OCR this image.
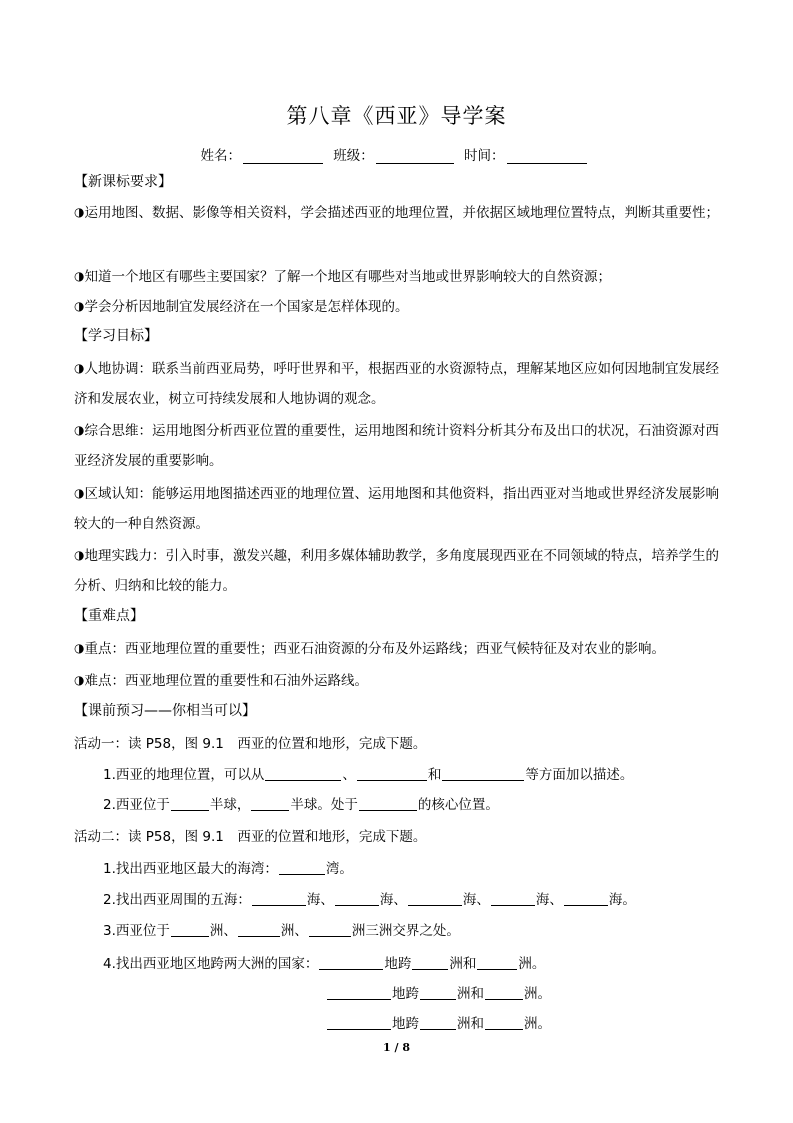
第八章《西亚》导学案
姓名：	班级：	时间：
【新课标要求】
◑运用地图、数据、影像等相关资料，学会描述西亚的地理位置，并依据区域地理位置特点，判断其重要性；
◑知道一个地区有哪些主要国家？了解一个地区有哪些对当地或世界影响较大的自然资源；
◑学会分析因地制宜发展经济在一个国家是怎样体现的。
【学习目标】
◑人地协调：联系当前西亚局势，呼吁世界和平，根据西亚的水资源特点，理解某地区应如何因地制宜发展经济和发展农业，树立可持续发展和人地协调的观念。
◑综合思维：运用地图分析西亚位置的重要性，运用地图和统计资料分析其分布及出口的状况，石油资源对西亚经济发展的重要影响。
◑区域认知：能够运用地图描述西亚的地理位置、运用地图和其他资料，指出西亚对当地或世界经济发展影响较大的一种自然资源。
◑地理实践力：引入时事，激发兴趣，利用多媒体辅助教学，多角度展现西亚在不同领域的特点，培养学生的分析、归纳和比较的能力。
【重难点】
◑重点：西亚地理位置的重要性；西亚石油资源的分布及外运路线；西亚气候特征及对农业的影响。
◑难点：西亚地理位置的重要性和石油外运路线。
【课前预习——你相当可以】
活动一：读 P58，图 9.1　西亚的位置和地形，完成下题。
1.西亚的地理位置，可以从	、	和	等方面加以描述。
2.西亚位于	半球，	半球。处于	的核心位置。
活动二：读 P58，图 9.1　西亚的位置和地形，完成下题。
1.找出西亚地区最大的海湾：	湾。
2.找出西亚周围的五海：	海、	海、	海、	海、	海。
3.西亚位于	洲、	洲、	洲三洲交界之处。
4.找出西亚地区地跨两大洲的国家：	地跨	洲和	洲。
地跨	洲和	洲。
地跨	洲和	洲。
1 / 8
